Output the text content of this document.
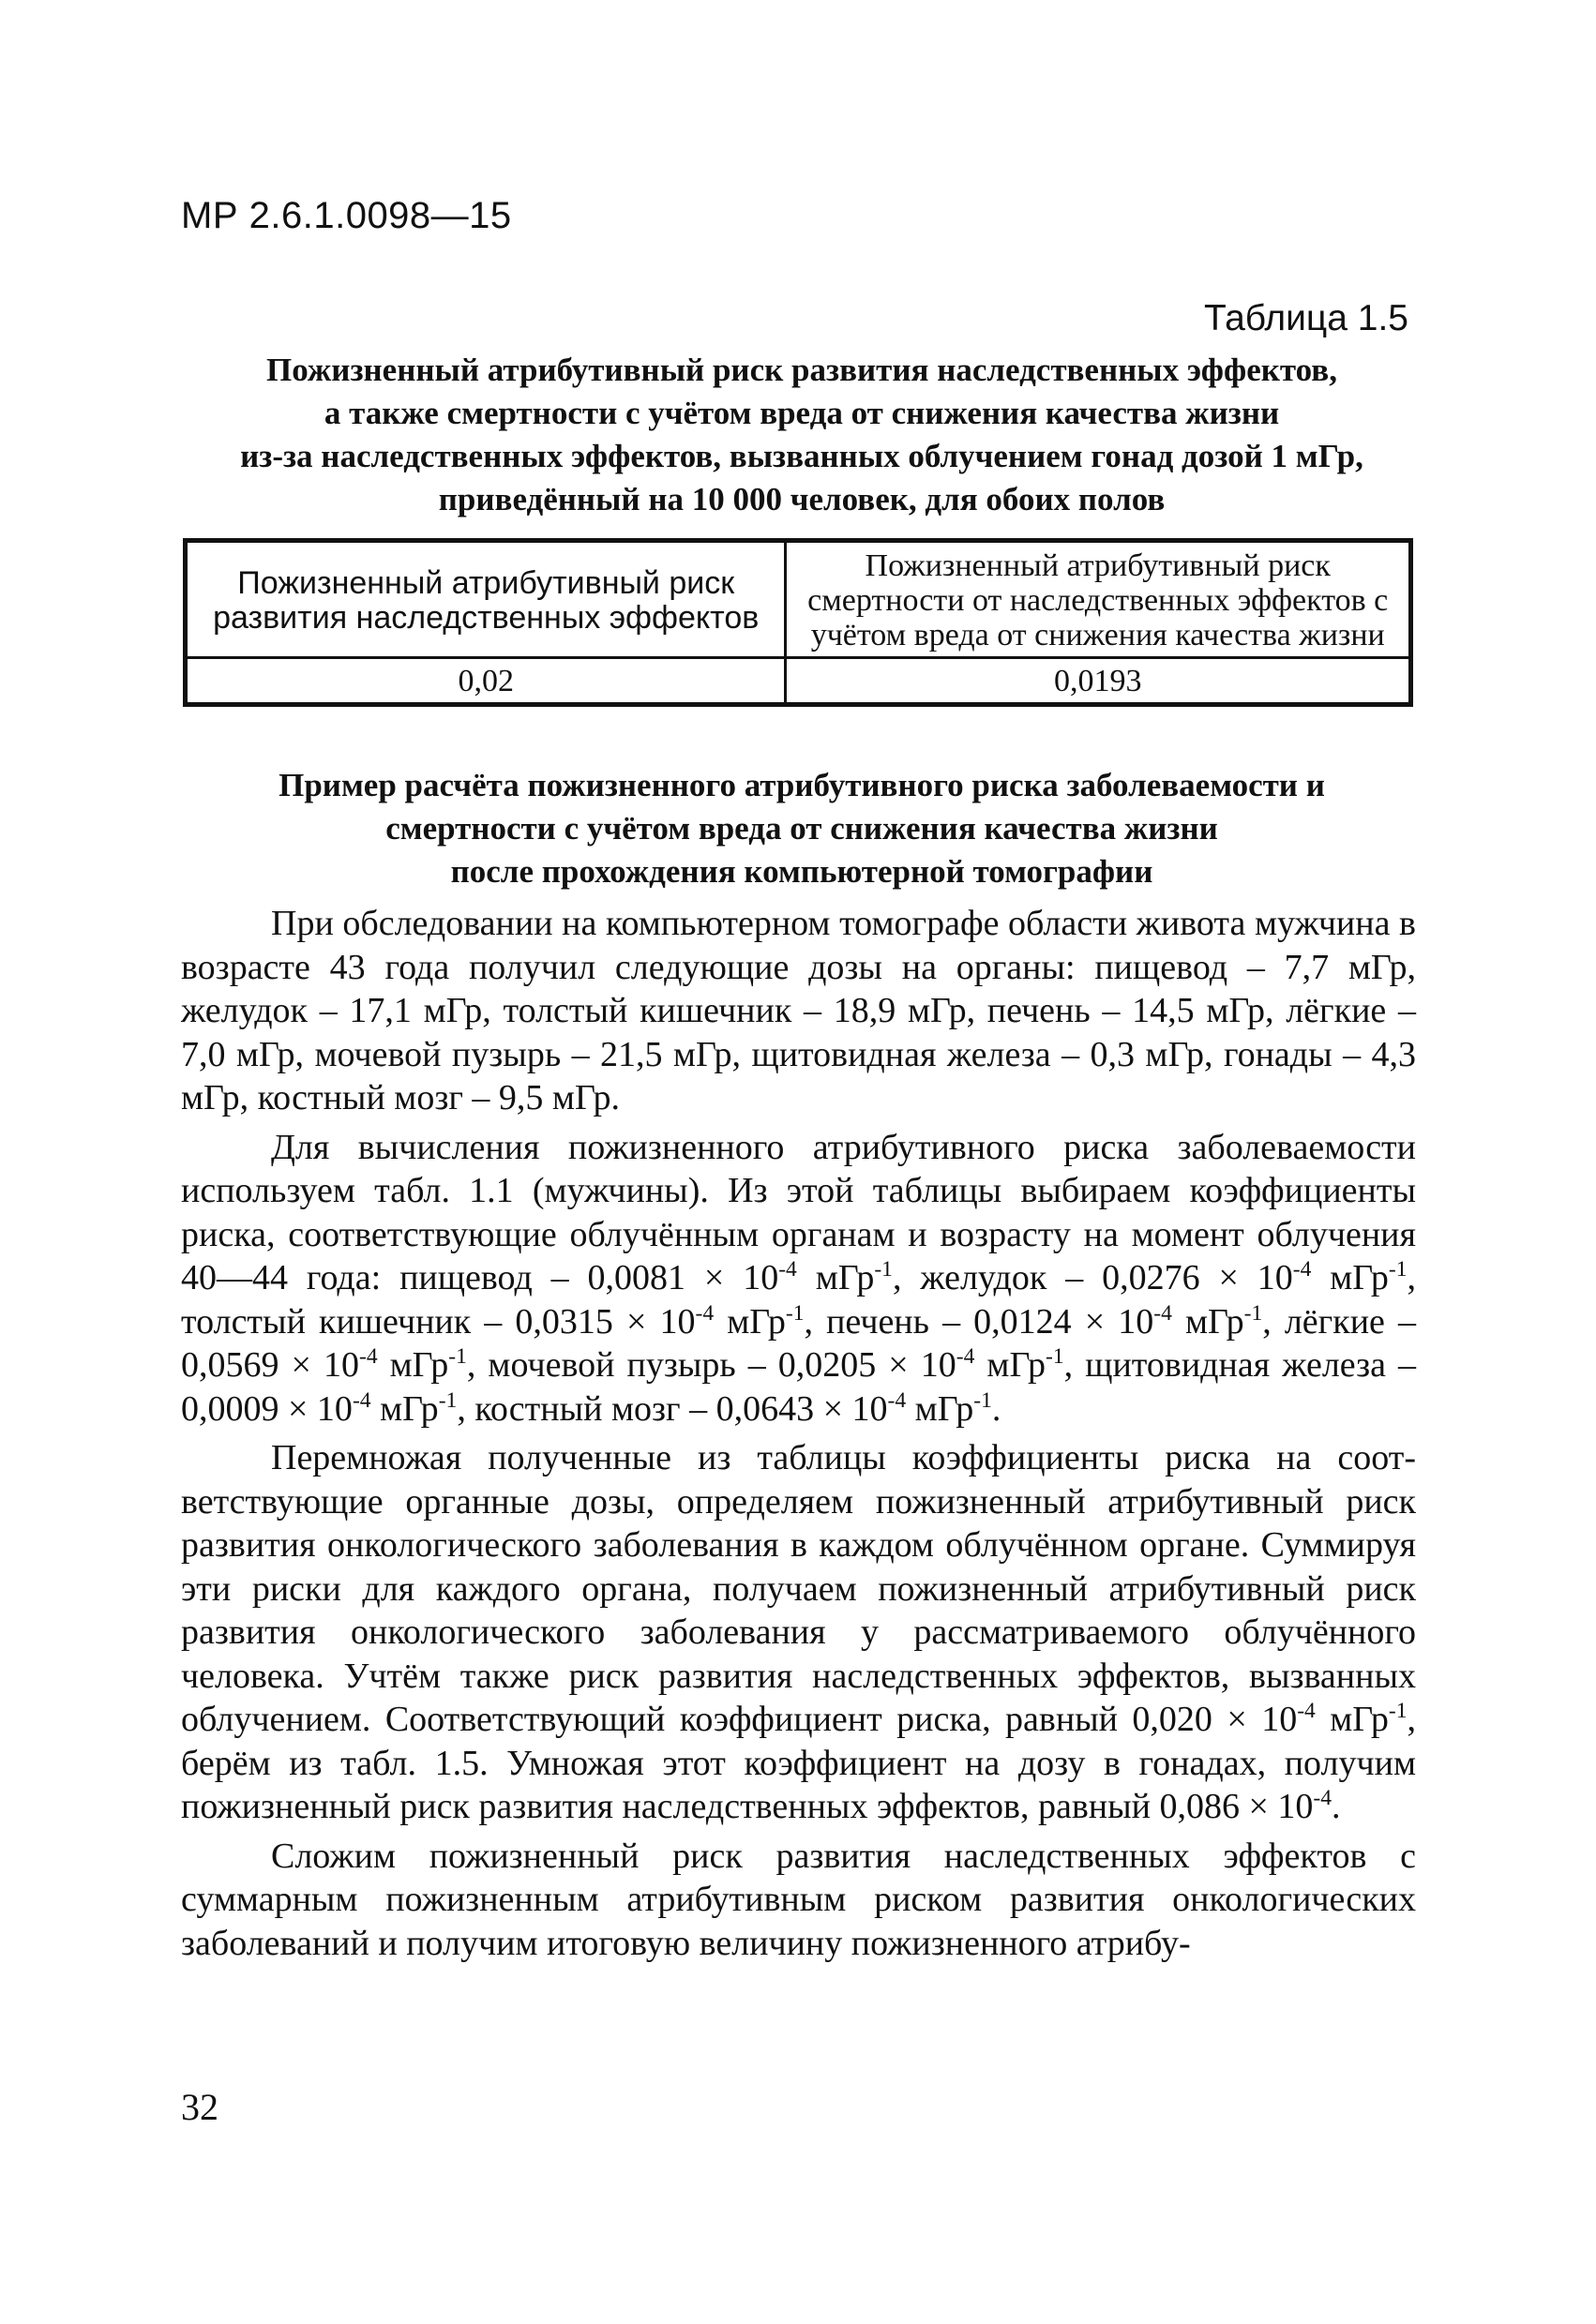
МР 2.6.1.0098—15
Таблица 1.5
Пожизненный атрибутивный риск развития наследственных эффектов,
а также смертности с учётом вреда от снижения качества жизни
из-за наследственных эффектов, вызванных облучением гонад дозой 1 мГр,
приведённый на 10 000 человек, для обоих полов
Пожизненный атрибутивный риск развития наследственных эффектов	Пожизненный атрибутивный риск смертности от наследственных эффектов с учётом вреда от снижения качества жизни
0,02	0,0193
Пример расчёта пожизненного атрибутивного риска заболеваемости и
смертности с учётом вреда от снижения качества жизни
после прохождения компьютерной томографии

При обследовании на компьютерном томографе области живота мужчина в возрасте 43 года получил следующие дозы на органы: пищевод – 7,7 мГр, желудок – 17,1 мГр, толстый кишечник – 18,9 мГр, печень – 14,5 мГр, лёгкие – 7,0 мГр, мочевой пузырь – 21,5 мГр, щитовидная железа – 0,3 мГр, гонады – 4,3 мГр, костный мозг – 9,5 мГр.

Для вычисления пожизненного атрибутивного риска заболеваемости используем табл. 1.1 (мужчины). Из этой таблицы выбираем коэффициенты риска, соответствующие облучённым органам и возрасту на момент облучения 40—44 года: пищевод – $0,0081 \times 10^{-4}$ мГр$^{-1}$, желудок – $0,0276 \times 10^{-4}$ мГр$^{-1}$, толстый кишечник – $0,0315 \times 10^{-4}$ мГр$^{-1}$, печень – $0,0124 \times 10^{-4}$ мГр$^{-1}$, лёгкие – $0,0569 \times 10^{-4}$ мГр$^{-1}$, мочевой пузырь – $0,0205 \times 10^{-4}$ мГр$^{-1}$, щитовидная железа – $0,0009 \times 10^{-4}$ мГр$^{-1}$, костный мозг – $0,0643 \times 10^{-4}$ мГр$^{-1}$.

Перемножая полученные из таблицы коэффициенты риска на соответствующие органные дозы, определяем пожизненный атрибутивный риск развития онкологического заболевания в каждом облучённом органе. Суммируя эти риски для каждого органа, получаем пожизненный атрибутивный риск развития онкологического заболевания у рассматриваемого облучённого человека. Учтём также риск развития наследственных эффектов, вызванных облучением. Соответствующий коэффициент риска, равный $0,020 \times 10^{-4}$ мГр$^{-1}$, берём из табл. 1.5. Умножая этот коэффициент на дозу в гонадах, получим пожизненный риск развития наследственных эффектов, равный $0,086 \times 10^{-4}$.

Сложим пожизненный риск развития наследственных эффектов с суммарным пожизненным атрибутивным риском развития онкологических заболеваний и получим итоговую величину пожизненного атрибу-

32
